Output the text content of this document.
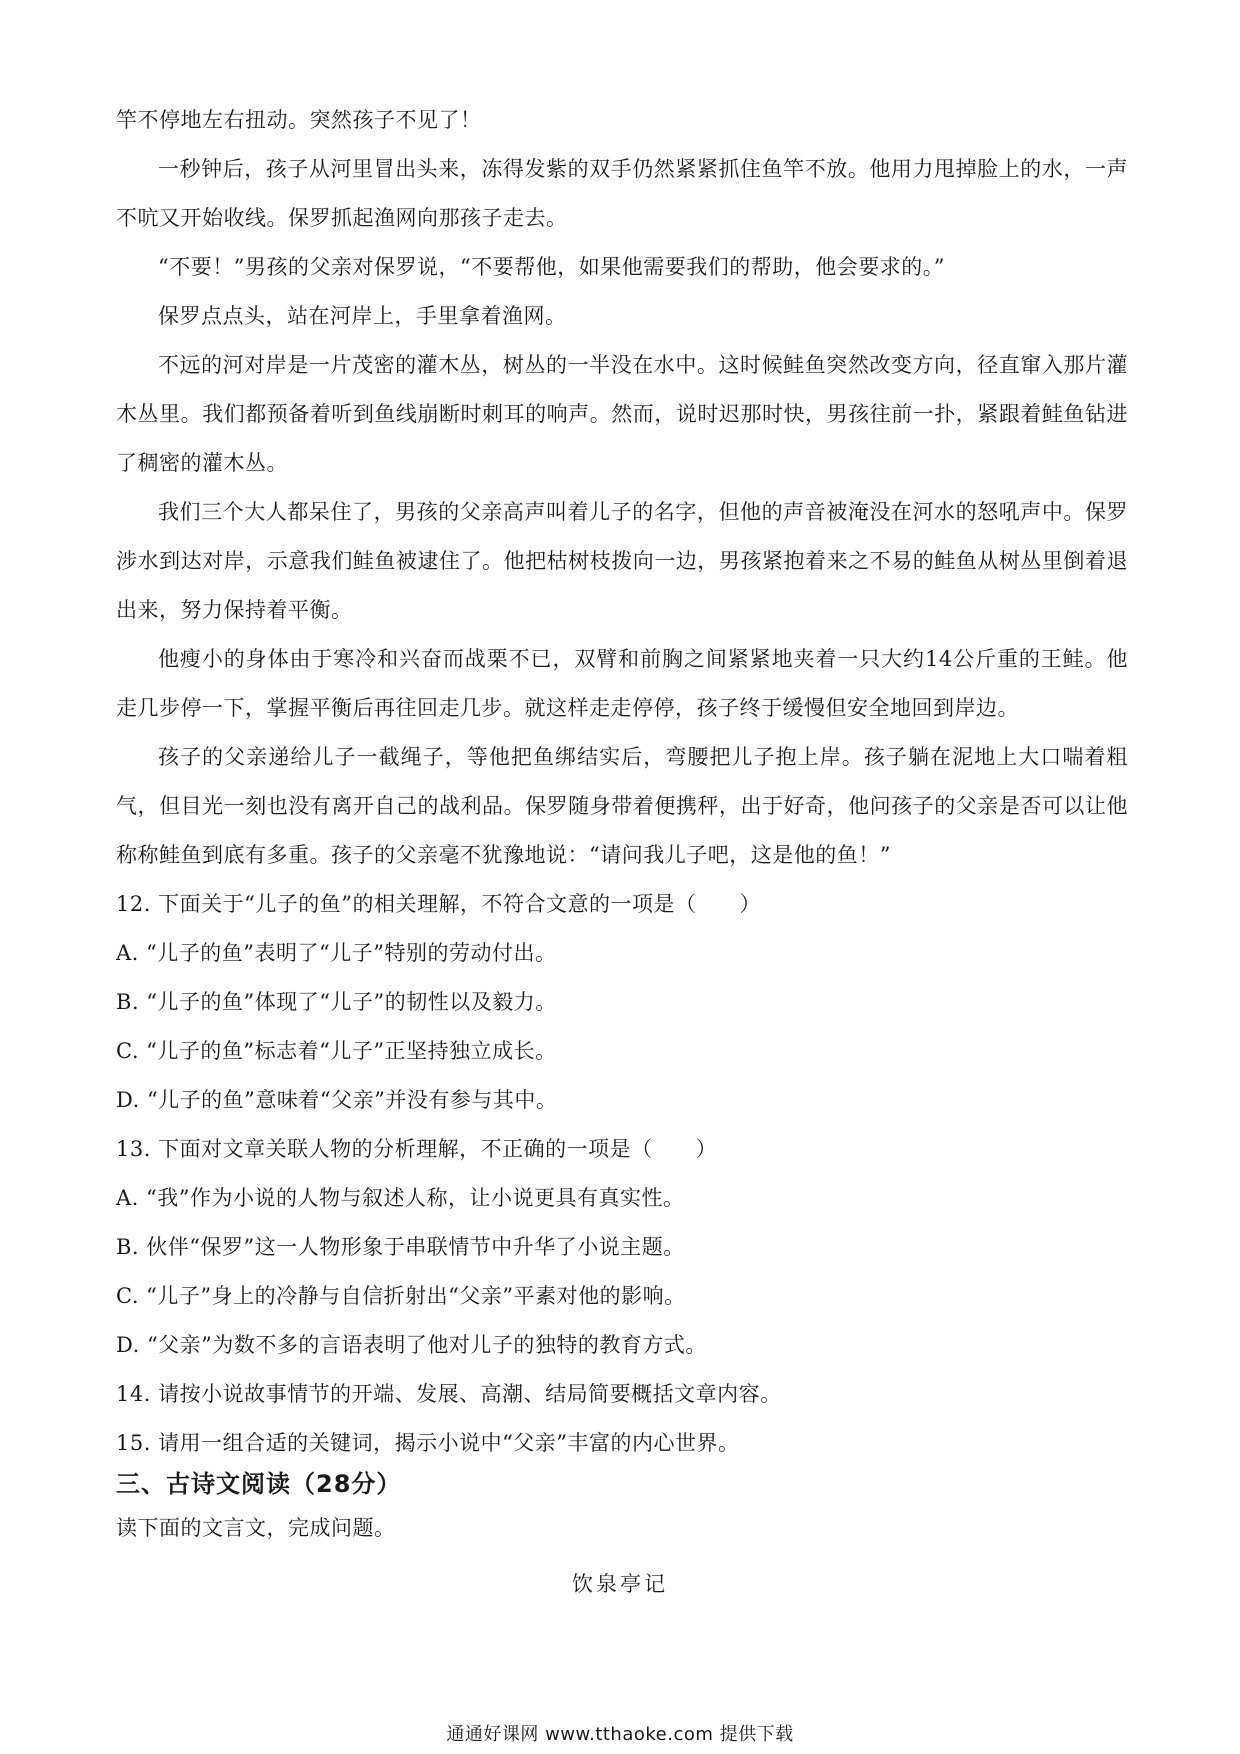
竿不停地左右扭动。突然孩子不见了！

一秒钟后，孩子从河里冒出头来，冻得发紫的双手仍然紧紧抓住鱼竿不放。他用力甩掉脸上的水，一声不吭又开始收线。保罗抓起渔网向那孩子走去。

“不要！”男孩的父亲对保罗说，“不要帮他，如果他需要我们的帮助，他会要求的。”

保罗点点头，站在河岸上，手里拿着渔网。

不远的河对岸是一片茂密的灌木丛，树丛的一半没在水中。这时候鲑鱼突然改变方向，径直窜入那片灌木丛里。我们都预备着听到鱼线崩断时刺耳的响声。然而，说时迟那时快，男孩往前一扑，紧跟着鲑鱼钻进了稠密的灌木丛。

我们三个大人都呆住了，男孩的父亲高声叫着儿子的名字，但他的声音被淹没在河水的怒吼声中。保罗涉水到达对岸，示意我们鲑鱼被逮住了。他把枯树枝拨向一边，男孩紧抱着来之不易的鲑鱼从树丛里倒着退出来，努力保持着平衡。

他瘦小的身体由于寒冷和兴奋而战栗不已，双臂和前胸之间紧紧地夹着一只大约14公斤重的王鲑。他走几步停一下，掌握平衡后再往回走几步。就这样走走停停，孩子终于缓慢但安全地回到岸边。

孩子的父亲递给儿子一截绳子，等他把鱼绑结实后，弯腰把儿子抱上岸。孩子躺在泥地上大口喘着粗气，但目光一刻也没有离开自己的战利品。保罗随身带着便携秤，出于好奇，他问孩子的父亲是否可以让他称称鲑鱼到底有多重。孩子的父亲毫不犹豫地说：“请问我儿子吧，这是他的鱼！”

12. 下面关于“儿子的鱼”的相关理解，不符合文意的一项是（　　）

A. “儿子的鱼”表明了“儿子”特别的劳动付出。

B. “儿子的鱼”体现了“儿子”的韧性以及毅力。

C. “儿子的鱼”标志着“儿子”正坚持独立成长。

D. “儿子的鱼”意味着“父亲”并没有参与其中。

13. 下面对文章关联人物的分析理解，不正确的一项是（　　）

A. “我”作为小说的人物与叙述人称，让小说更具有真实性。

B. 伙伴“保罗”这一人物形象于串联情节中升华了小说主题。

C. “儿子”身上的冷静与自信折射出“父亲”平素对他的影响。

D. “父亲”为数不多的言语表明了他对儿子的独特的教育方式。

14. 请按小说故事情节的开端、发展、高潮、结局简要概括文章内容。

15. 请用一组合适的关键词，揭示小说中“父亲”丰富的内心世界。

三、古诗文阅读（28分）

读下面的文言文，完成问题。

饮泉亭记

通通好课网 www.tthaoke.com 提供下载
